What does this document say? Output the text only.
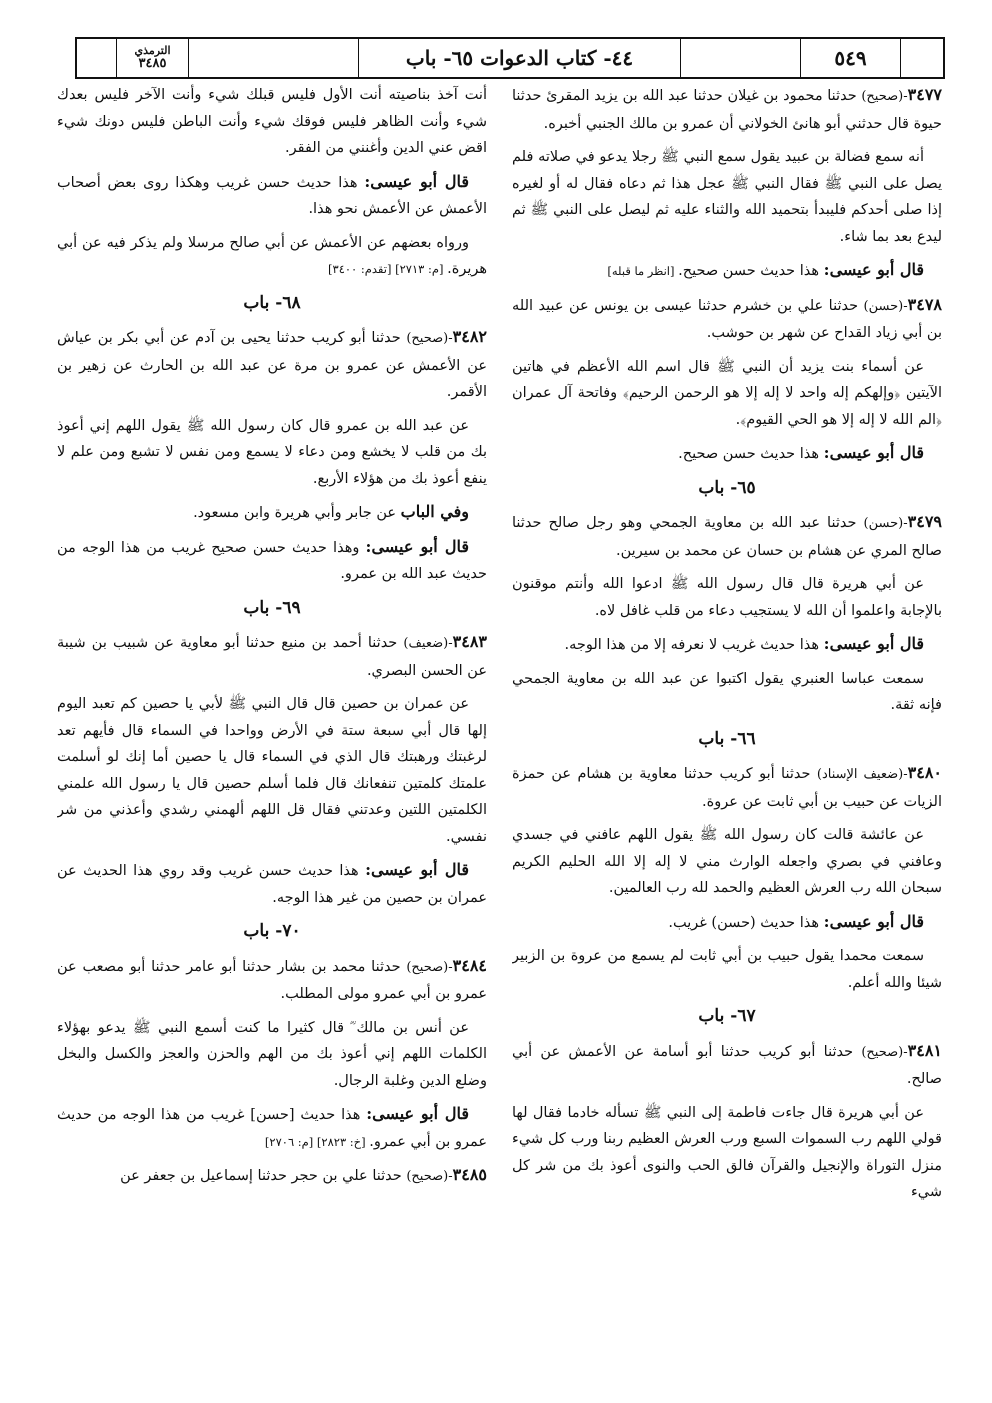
الترمذي
٣٤٨٥	٤٤- كتاب الدعوات ٦٥- باب	٥٤٩

٣٤٧٧-(صحيح) حدثنا محمود بن غيلان حدثنا عبد الله بن يزيد المقرئ حدثنا حيوة قال حدثني أبو هانئ الخولاني أن عمرو بن مالك الجنبي أخبره.

أنه سمع فضالة بن عبيد يقول سمع النبي ﷺ رجلا يدعو في صلاته فلم يصل على النبي ﷺ فقال النبي ﷺ عجل هذا ثم دعاه فقال له أو لغيره إذا صلى أحدكم فليبدأ بتحميد الله والثناء عليه ثم ليصل على النبي ﷺ ثم ليدع بعد بما شاء.

قال أبو عيسى: هذا حديث حسن صحيح. [انظر ما قبله]

٣٤٧٨-(حسن) حدثنا علي بن خشرم حدثنا عيسى بن يونس عن عبيد الله بن أبي زياد القداح عن شهر بن حوشب.

عن أسماء بنت يزيد أن النبي ﷺ قال اسم الله الأعظم في هاتين الآيتين ﴿وإلهكم إله واحد لا إله إلا هو الرحمن الرحيم﴾ وفاتحة آل عمران ﴿الم الله لا إله إلا هو الحي القيوم﴾.

قال أبو عيسى: هذا حديث حسن صحيح.

٦٥- باب

٣٤٧٩-(حسن) حدثنا عبد الله بن معاوية الجمحي وهو رجل صالح حدثنا صالح المري عن هشام بن حسان عن محمد بن سيرين.

عن أبي هريرة قال قال رسول الله ﷺ ادعوا الله وأنتم موقنون بالإجابة واعلموا أن الله لا يستجيب دعاء من قلب غافل لاه.

قال أبو عيسى: هذا حديث غريب لا نعرفه إلا من هذا الوجه.

سمعت عباسا العنبري يقول اكتبوا عن عبد الله بن معاوية الجمحي فإنه ثقة.

٦٦- باب

٣٤٨٠-(ضعيف الإسناد) حدثنا أبو كريب حدثنا معاوية بن هشام عن حمزة الزيات عن حبيب بن أبي ثابت عن عروة.

عن عائشة قالت كان رسول الله ﷺ يقول اللهم عافني في جسدي وعافني في بصري واجعله الوارث مني لا إله إلا الله الحليم الكريم سبحان الله رب العرش العظيم والحمد لله رب العالمين.

قال أبو عيسى: هذا حديث (حسن) غريب.

سمعت محمدا يقول حبيب بن أبي ثابت لم يسمع من عروة بن الزبير شيئا والله أعلم.

٦٧- باب

٣٤٨١-(صحيح) حدثنا أبو كريب حدثنا أبو أسامة عن الأعمش عن أبي صالح.

عن أبي هريرة قال جاءت فاطمة إلى النبي ﷺ تسأله خادما فقال لها قولي اللهم رب السموات السبع ورب العرش العظيم ربنا ورب كل شيء منزل التوراة والإنجيل والقرآن فالق الحب والنوى أعوذ بك من شر كل شيء

أنت آخذ بناصيته أنت الأول فليس قبلك شيء وأنت الآخر فليس بعدك شيء وأنت الظاهر فليس فوقك شيء وأنت الباطن فليس دونك شيء اقض عني الدين وأغنني من الفقر.

قال أبو عيسى: هذا حديث حسن غريب وهكذا روى بعض أصحاب الأعمش عن الأعمش نحو هذا.

ورواه بعضهم عن الأعمش عن أبي صالح مرسلا ولم يذكر فيه عن أبي هريرة. [م: ٢٧١٣] [تقدم: ٣٤٠٠]

٦٨- باب

٣٤٨٢-(صحيح) حدثنا أبو كريب حدثنا يحيى بن آدم عن أبي بكر بن عياش عن الأعمش عن عمرو بن مرة عن عبد الله بن الحارث عن زهير بن الأقمر.

عن عبد الله بن عمرو قال كان رسول الله ﷺ يقول اللهم إني أعوذ بك من قلب لا يخشع ومن دعاء لا يسمع ومن نفس لا تشبع ومن علم لا ينفع أعوذ بك من هؤلاء الأربع.

وفي الباب عن جابر وأبي هريرة وابن مسعود.

قال أبو عيسى: وهذا حديث حسن صحيح غريب من هذا الوجه من حديث عبد الله بن عمرو.

٦٩- باب

٣٤٨٣-(ضعيف) حدثنا أحمد بن منيع حدثنا أبو معاوية عن شبيب بن شيبة عن الحسن البصري.

عن عمران بن حصين قال قال النبي ﷺ لأبي يا حصين كم تعبد اليوم إلها قال أبي سبعة ستة في الأرض وواحدا في السماء قال فأيهم تعد لرغبتك ورهبتك قال الذي في السماء قال يا حصين أما إنك لو أسلمت علمتك كلمتين تنفعانك قال فلما أسلم حصين قال يا رسول الله علمني الكلمتين اللتين وعدتني فقال قل اللهم ألهمني رشدي وأعذني من شر نفسي.

قال أبو عيسى: هذا حديث حسن غريب وقد روي هذا الحديث عن عمران بن حصين من غير هذا الوجه.

٧٠- باب

٣٤٨٤-(صحيح) حدثنا محمد بن بشار حدثنا أبو عامر حدثنا أبو مصعب عن عمرو بن أبي عمرو مولى المطلب.

عن أنس بن مالك ؓ قال كثيرا ما كنت أسمع النبي ﷺ يدعو بهؤلاء الكلمات اللهم إني أعوذ بك من الهم والحزن والعجز والكسل والبخل وضلع الدين وغلبة الرجال.

قال أبو عيسى: هذا حديث [حسن] غريب من هذا الوجه من حديث عمرو بن أبي عمرو. [خ: ٢٨٢٣] [م: ٢٧٠٦]

٣٤٨٥-(صحيح) حدثنا علي بن حجر حدثنا إسماعيل بن جعفر عن
